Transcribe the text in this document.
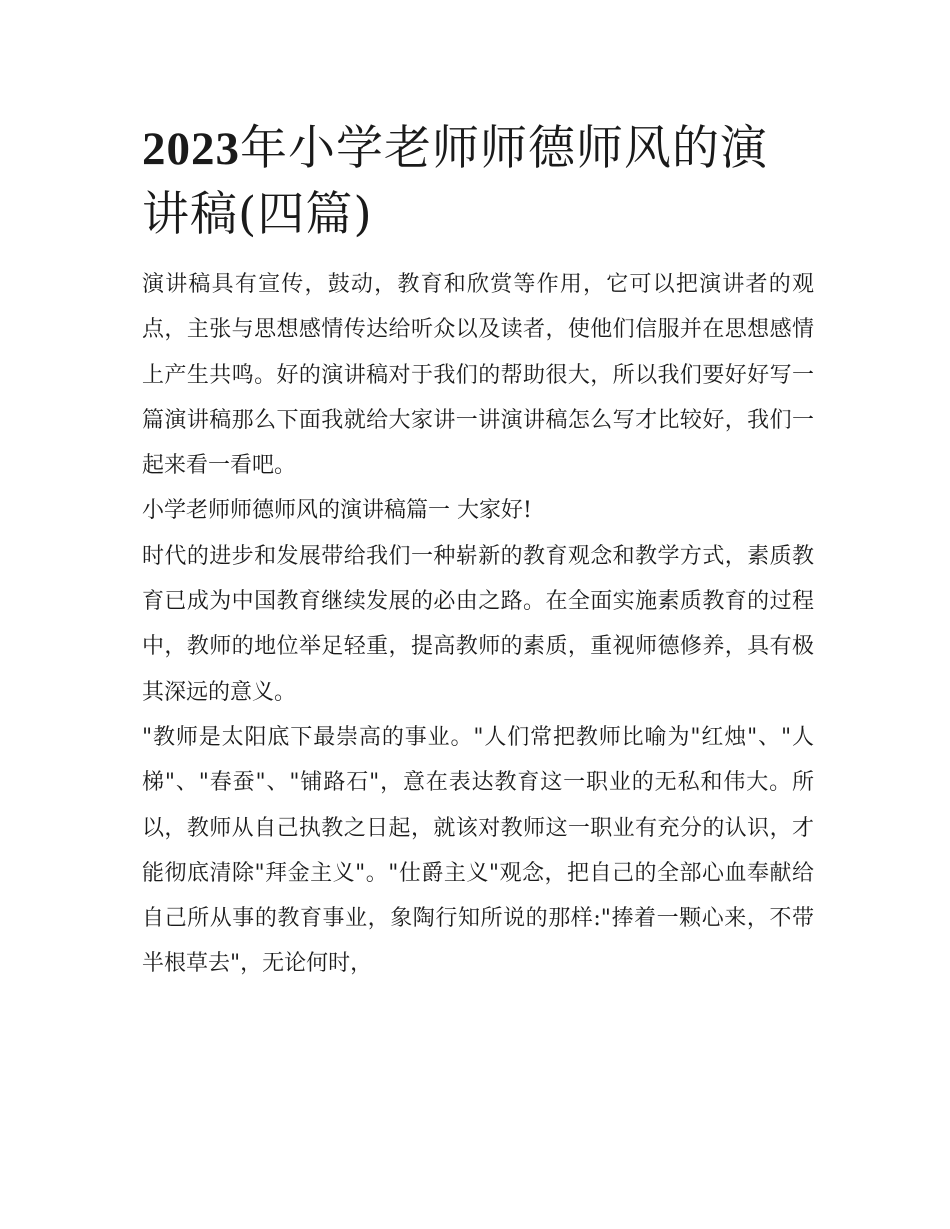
2023年小学老师师德师风的演讲稿(四篇)

演讲稿具有宣传，鼓动，教育和欣赏等作用，它可以把演讲者的观点，主张与思想感情传达给听众以及读者，使他们信服并在思想感情上产生共鸣。好的演讲稿对于我们的帮助很大，所以我们要好好写一篇演讲稿那么下面我就给大家讲一讲演讲稿怎么写才比较好，我们一起来看一看吧。

小学老师师德师风的演讲稿篇一 大家好!

时代的进步和发展带给我们一种崭新的教育观念和教学方式，素质教育已成为中国教育继续发展的必由之路。在全面实施素质教育的过程中，教师的地位举足轻重，提高教师的素质，重视师德修养，具有极其深远的意义。

"教师是太阳底下最崇高的事业。"人们常把教师比喻为"红烛"、"人梯"、"春蚕"、"铺路石"，意在表达教育这一职业的无私和伟大。所以，教师从自己执教之日起，就该对教师这一职业有充分的认识，才能彻底清除"拜金主义"。"仕爵主义"观念，把自己的全部心血奉献给自己所从事的教育事业，象陶行知所说的那样:"捧着一颗心来，不带半根草去"，无论何时，
